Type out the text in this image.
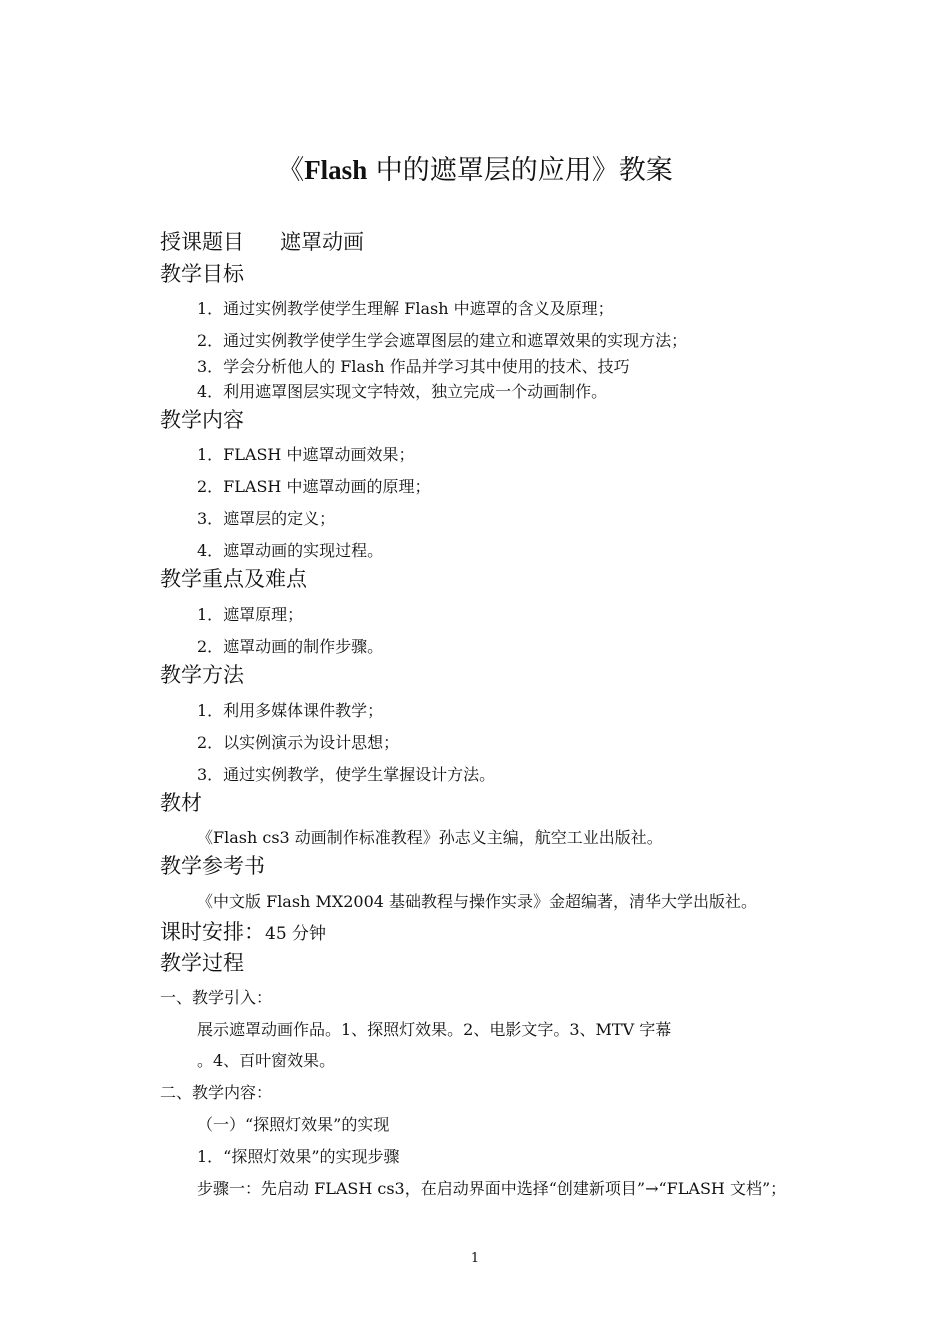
《Flash 中的遮罩层的应用》教案
授课题目 遮罩动画
教学目标
1．通过实例教学使学生理解 Flash 中遮罩的含义及原理；
2．通过实例教学使学生学会遮罩图层的建立和遮罩效果的实现方法；
3．学会分析他人的 Flash 作品并学习其中使用的技术、技巧
4．利用遮罩图层实现文字特效，独立完成一个动画制作。
教学内容
1．FLASH 中遮罩动画效果；
2．FLASH 中遮罩动画的原理；
3．遮罩层的定义；
4．遮罩动画的实现过程。
教学重点及难点
1．遮罩原理；
2．遮罩动画的制作步骤。
教学方法
1．利用多媒体课件教学；
2．以实例演示为设计思想；
3．通过实例教学，使学生掌握设计方法。
教材
《Flash cs3 动画制作标准教程》孙志义主编，航空工业出版社。
教学参考书
《中文版 Flash MX2004 基础教程与操作实录》金超编著，清华大学出版社。
课时安排：45 分钟
教学过程
一、教学引入：
展示遮罩动画作品。1、探照灯效果。2、电影文字。3、MTV 字幕
。4、百叶窗效果。
二、教学内容：
（一）“探照灯效果”的实现
1．“探照灯效果”的实现步骤
步骤一：先启动 FLASH cs3，在启动界面中选择“创建新项目”→“FLASH 文档”；
1
